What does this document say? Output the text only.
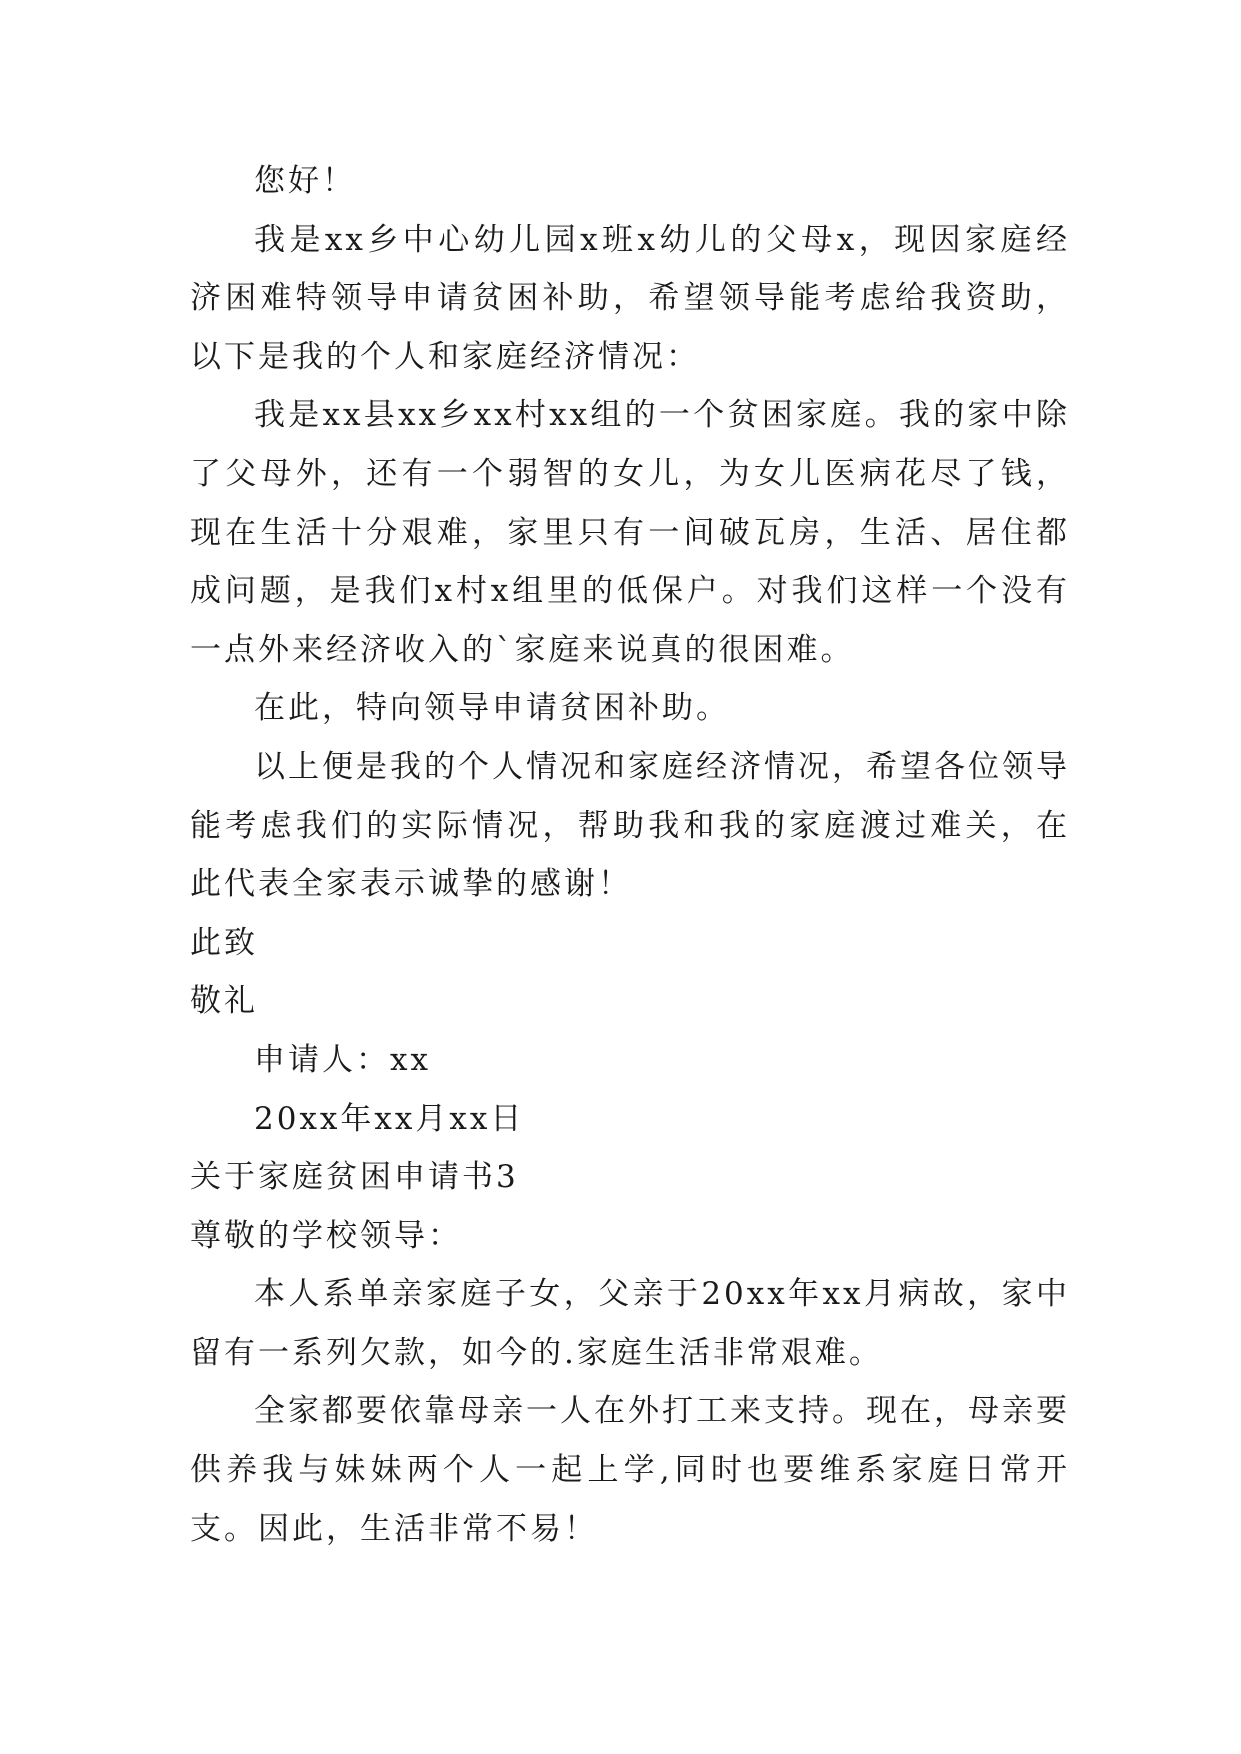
您好！

我是xx乡中心幼儿园x班x幼儿的父母x，现因家庭经济困难特领导申请贫困补助，希望领导能考虑给我资助，以下是我的个人和家庭经济情况：

我是xx县xx乡xx村xx组的一个贫困家庭。我的家中除了父母外，还有一个弱智的女儿，为女儿医病花尽了钱，现在生活十分艰难，家里只有一间破瓦房，生活、居住都成问题，是我们x村x组里的低保户。对我们这样一个没有一点外来经济收入的`家庭来说真的很困难。

在此，特向领导申请贫困补助。

以上便是我的个人情况和家庭经济情况，希望各位领导能考虑我们的实际情况，帮助我和我的家庭渡过难关，在此代表全家表示诚挚的感谢！

此致

敬礼

申请人：xx

20xx年xx月xx日

关于家庭贫困申请书3

尊敬的学校领导：

本人系单亲家庭子女，父亲于20xx年xx月病故，家中留有一系列欠款，如今的.家庭生活非常艰难。

全家都要依靠母亲一人在外打工来支持。现在，母亲要供养我与妹妹两个人一起上学,同时也要维系家庭日常开支。因此，生活非常不易！
